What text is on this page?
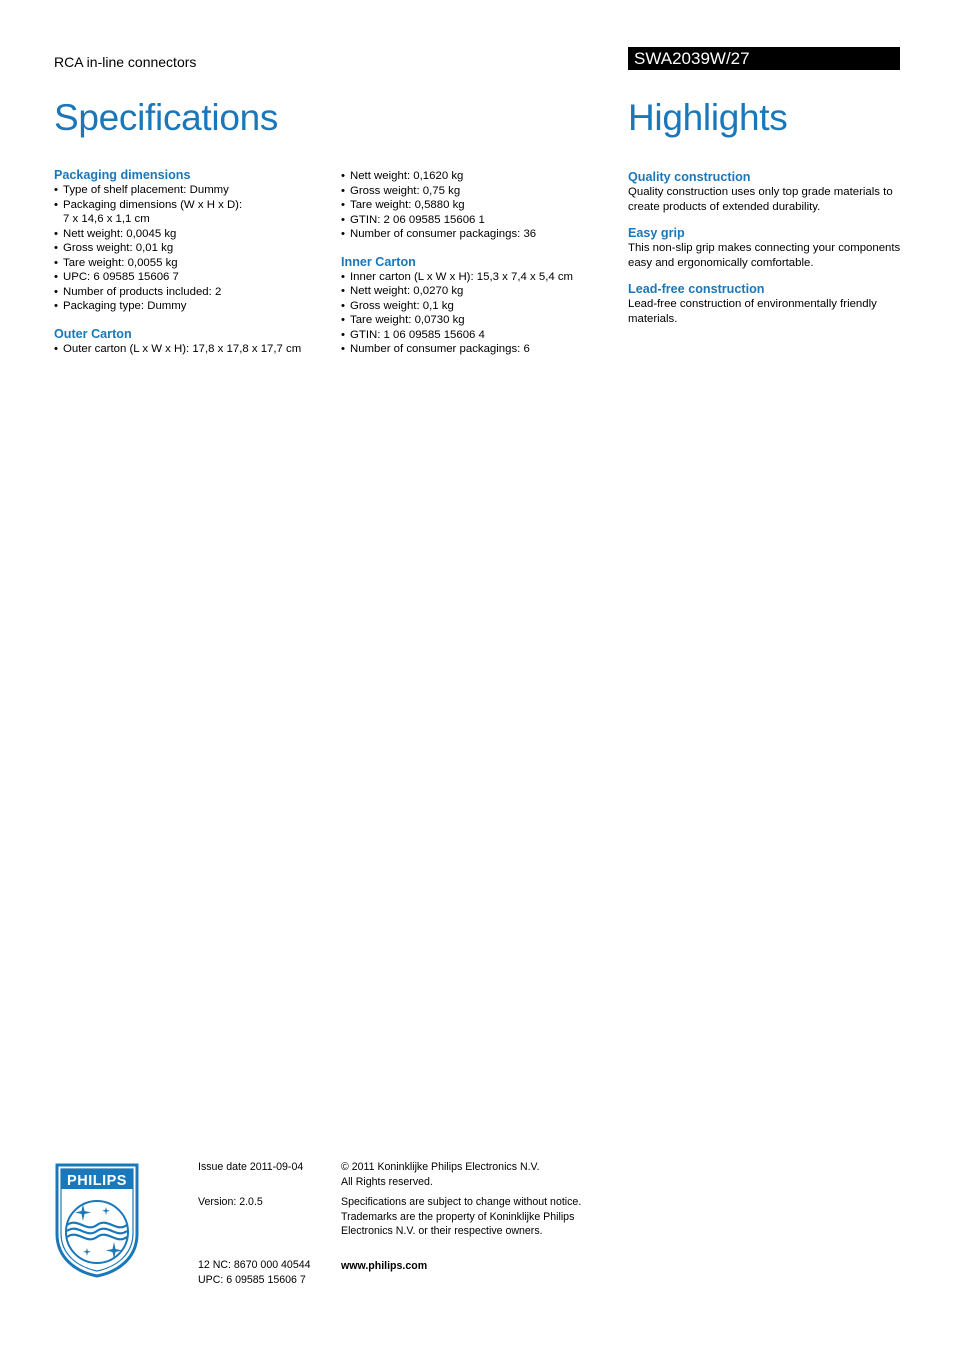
RCA in-line connectors	SWA2039W/27
Specifications	Highlights
Packaging dimensions
• Type of shelf placement: Dummy
• Packaging dimensions (W x H x D):
7 x 14,6 x 1,1 cm
• Nett weight: 0,0045 kg
• Gross weight: 0,01 kg
• Tare weight: 0,0055 kg
• UPC: 6 09585 15606 7
• Number of products included: 2
• Packaging type: Dummy
Outer Carton
• Outer carton (L x W x H): 17,8 x 17,8 x 17,7 cm
• Nett weight: 0,1620 kg
• Gross weight: 0,75 kg
• Tare weight: 0,5880 kg
• GTIN: 2 06 09585 15606 1
• Number of consumer packagings: 36
Inner Carton
• Inner carton (L x W x H): 15,3 x 7,4 x 5,4 cm
• Nett weight: 0,0270 kg
• Gross weight: 0,1 kg
• Tare weight: 0,0730 kg
• GTIN: 1 06 09585 15606 4
• Number of consumer packagings: 6
Quality construction

Quality construction uses only top grade materials to create products of extended durability.

Easy grip

This non-slip grip makes connecting your components easy and ergonomically comfortable.

Lead-free construction

Lead-free construction of environmentally friendly materials.

PHILIPS
Issue date 2011-09-04
Version: 2.0.5
12 NC: 8670 000 40544
UPC: 6 09585 15606 7
© 2011 Koninklijke Philips Electronics N.V.
All Rights reserved.
Specifications are subject to change without notice.
Trademarks are the property of Koninklijke Philips
Electronics N.V. or their respective owners.
www.philips.com
